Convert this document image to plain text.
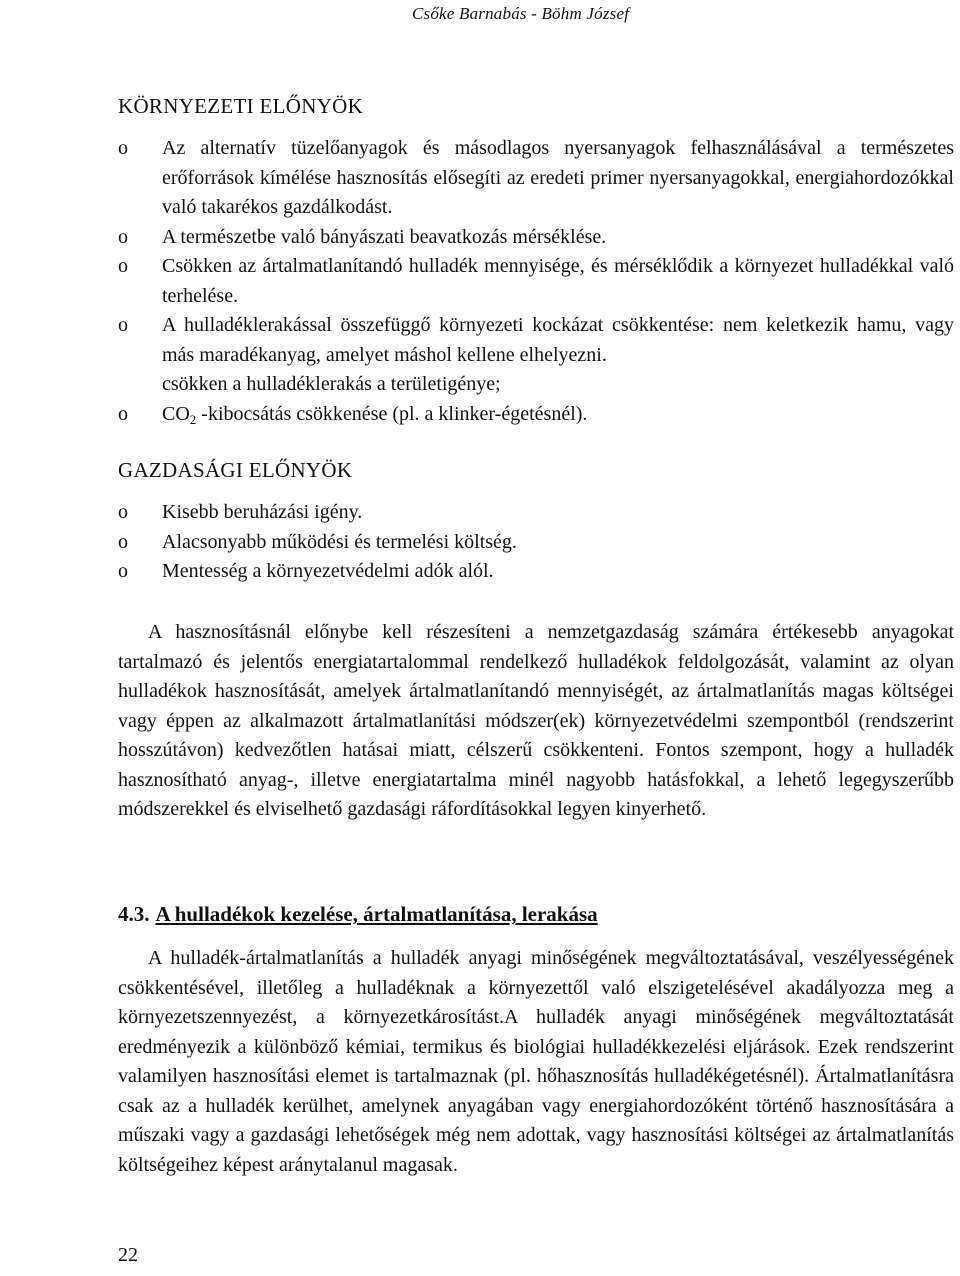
Csőke Barnabás - Böhm József
KÖRNYEZETI ELŐNYÖK
o Az alternatív tüzelőanyagok és másodlagos nyersanyagok felhasználásával a természetes erőforrások kímélése hasznosítás elősegíti az eredeti primer nyersanyagokkal, energiahordozókkal való takarékos gazdálkodást.
o A természetbe való bányászati beavatkozás mérséklése.
o Csökken az ártalmatlanítandó hulladék mennyisége, és mérséklődik a környezet hulladékkal való terhelése.
o A hulladéklerakással összefüggő környezeti kockázat csökkentése: nem keletkezik hamu, vagy más maradékanyag, amelyet máshol kellene elhelyezni.
csökken a hulladéklerakás a területigénye;
o $CO_2$ -kibocsátás csökkenése (pl. a klinker-égetésnél).
GAZDASÁGI ELŐNYÖK
o Kisebb beruházási igény.
o Alacsonyabb működési és termelési költség.
o Mentesség a környezetvédelmi adók alól.

A hasznosításnál előnybe kell részesíteni a nemzetgazdaság számára értékesebb anyagokat tartalmazó és jelentős energiatartalommal rendelkező hulladékok feldolgozását, valamint az olyan hulladékok hasznosítását, amelyek ártalmatlanítandó mennyiségét, az ártalmatlanítás magas költségei vagy éppen az alkalmazott ártalmatlanítási módszer(ek) környezetvédelmi szempontból (rendszerint hosszútávon) kedvezőtlen hatásai miatt, célszerű csökkenteni. Fontos szempont, hogy a hulladék hasznosítható anyag-, illetve energiatartalma minél nagyobb hatásfokkal, a lehető legegyszerűbb módszerekkel és elviselhető gazdasági ráfordításokkal legyen kinyerhető.

4.3. A hulladékok kezelése, ártalmatlanítása, lerakása

A hulladék-ártalmatlanítás a hulladék anyagi minőségének megváltoztatásával, veszélyességének csökkentésével, illetőleg a hulladéknak a környezettől való elszigetelésével akadályozza meg a környezetszennyezést, a környezetkárosítást.A hulladék anyagi minőségének megváltoztatását eredményezik a különböző kémiai, termikus és biológiai hulladékkezelési eljárások. Ezek rendszerint valamilyen hasznosítási elemet is tartalmaznak (pl. hőhasznosítás hulladékégetésnél). Ártalmatlanításra csak az a hulladék kerülhet, amelynek anyagában vagy energiahordozóként történő hasznosítására a műszaki vagy a gazdasági lehetőségek még nem adottak, vagy hasznosítási költségei az ártalmatlanítás költségeihez képest aránytalanul magasak.

22
